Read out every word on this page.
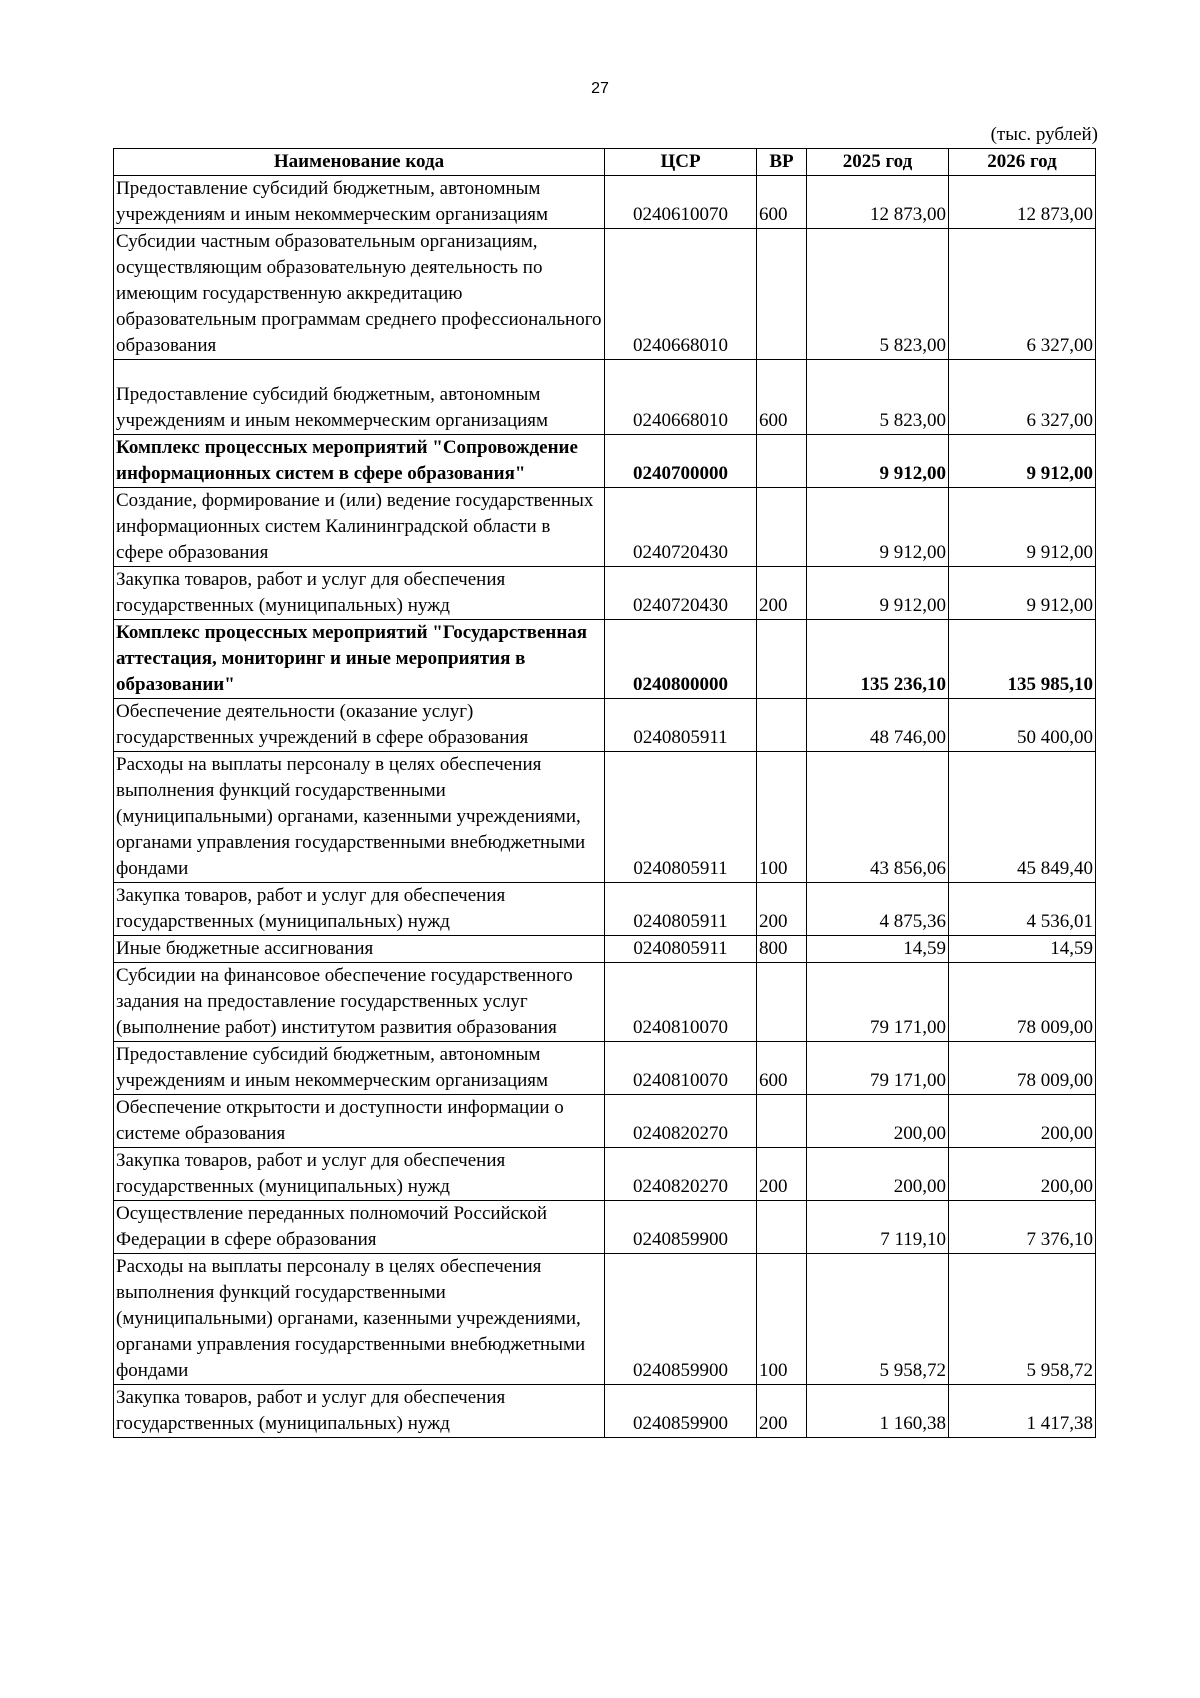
27
(тыс. рублей)
Наименование кода	ЦСР	ВР	2025 год	2026 год
Предоставление субсидий бюджетным, автономным учреждениям и иным некоммерческим организациям	0240610070	600	12 873,00	12 873,00
Субсидии частным образовательным организациям, осуществляющим образовательную деятельность по имеющим государственную аккредитацию образовательным программам среднего профессионального образования	0240668010		5 823,00	6 327,00
Предоставление субсидий бюджетным, автономным учреждениям и иным некоммерческим организациям	0240668010	600	5 823,00	6 327,00
Комплекс процессных мероприятий "Сопровождение информационных систем в сфере образования"	0240700000		9 912,00	9 912,00
Создание, формирование и (или) ведение государственных информационных систем Калининградской области в сфере образования	0240720430		9 912,00	9 912,00
Закупка товаров, работ и услуг для обеспечения государственных (муниципальных) нужд	0240720430	200	9 912,00	9 912,00
Комплекс процессных мероприятий "Государственная аттестация, мониторинг и иные мероприятия в образовании"	0240800000		135 236,10	135 985,10
Обеспечение деятельности (оказание услуг) государственных учреждений в сфере образования	0240805911		48 746,00	50 400,00
Расходы на выплаты персоналу в целях обеспечения выполнения функций государственными (муниципальными) органами, казенными учреждениями, органами управления государственными внебюджетными фондами	0240805911	100	43 856,06	45 849,40
Закупка товаров, работ и услуг для обеспечения государственных (муниципальных) нужд	0240805911	200	4 875,36	4 536,01
Иные бюджетные ассигнования	0240805911	800	14,59	14,59
Субсидии на финансовое обеспечение государственного задания на предоставление государственных услуг (выполнение работ) институтом развития образования	0240810070		79 171,00	78 009,00
Предоставление субсидий бюджетным, автономным учреждениям и иным некоммерческим организациям	0240810070	600	79 171,00	78 009,00
Обеспечение открытости и доступности информации о системе образования	0240820270		200,00	200,00
Закупка товаров, работ и услуг для обеспечения государственных (муниципальных) нужд	0240820270	200	200,00	200,00
Осуществление переданных полномочий Российской Федерации в сфере образования	0240859900		7 119,10	7 376,10
Расходы на выплаты персоналу в целях обеспечения выполнения функций государственными (муниципальными) органами, казенными учреждениями, органами управления государственными внебюджетными фондами	0240859900	100	5 958,72	5 958,72
Закупка товаров, работ и услуг для обеспечения государственных (муниципальных) нужд	0240859900	200	1 160,38	1 417,38
